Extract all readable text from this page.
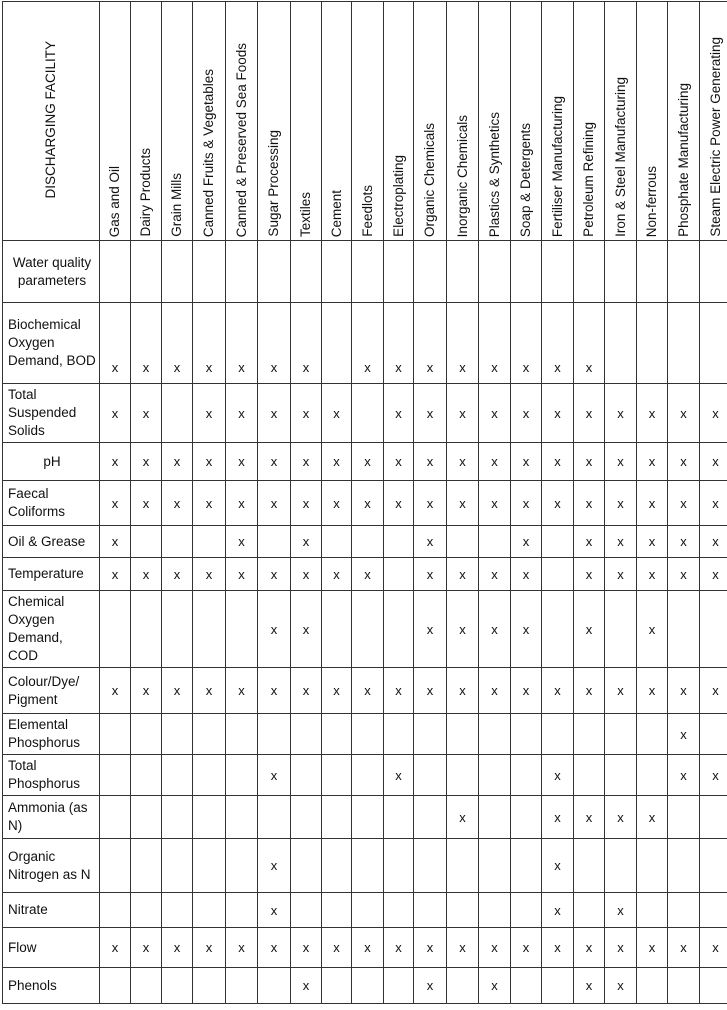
DISCHARGING FACILITY	Gas and Oil	Dairy Products	Grain Mills	Canned Fruits & Vegetables	Canned & Preserved Sea Foods	Sugar Processing	Textiles	Cement	Feedlots	Electroplating	Organic Chemicals	Inorganic Chemicals	Plastics & Synthetics	Soap & Detergents	Fertiliser Manufacturing	Petroleum Refining	Iron & Steel Manufacturing	Non-ferrous	Phosphate Manufacturing	Steam Electric Power Generating
Water quality parameters																				
Biochemical Oxygen Demand, BOD	x	x	x	x	x	x	x		x	x	x	x	x	x	x	x				
Total Suspended Solids	x	x		x	x	x	x	x		x	x	x	x	x	x	x	x	x	x	x
pH	x	x	x	x	x	x	x	x	x	x	x	x	x	x	x	x	x	x	x	x
Faecal Coliforms	x	x	x	x	x	x	x	x	x	x	x	x	x	x	x	x	x	x	x	x
Oil & Grease	x				x		x				x			x		x	x	x	x	x
Temperature	x	x	x	x	x	x	x	x	x		x	x	x	x		x	x	x	x	x
Chemical Oxygen Demand, COD						x	x				x	x	x	x		x		x		
Colour/Dye/ Pigment	x	x	x	x	x	x	x	x	x	x	x	x	x	x	x	x	x	x	x	x
Elemental Phosphorus																			x	
Total Phosphorus						x				x					x				x	x
Ammonia (as N)												x			x	x	x	x		
Organic Nitrogen as N						x									x					
Nitrate						x									x		x			
Flow	x	x	x	x	x	x	x	x	x	x	x	x	x	x	x	x	x	x	x	x
Phenols							x				x		x			x	x			
